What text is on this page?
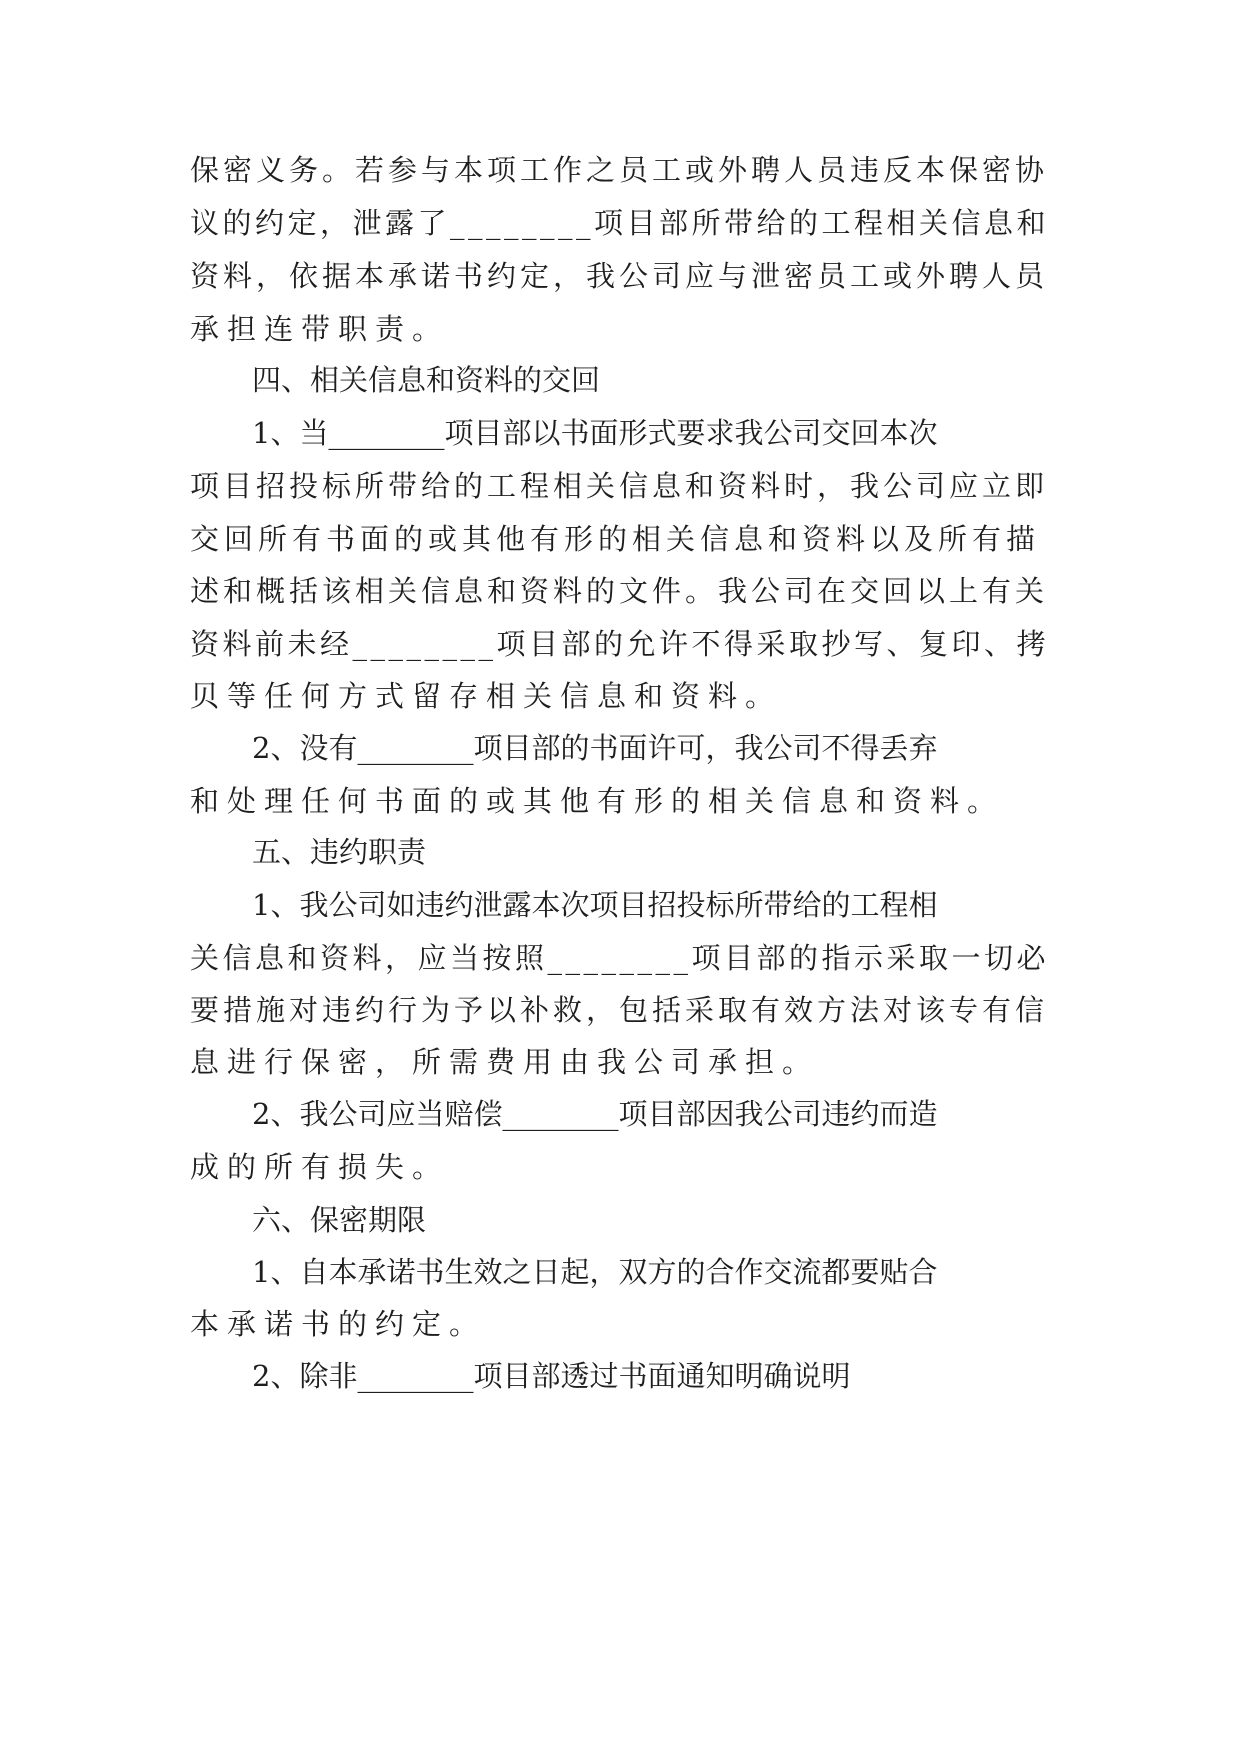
保密义务。若参与本项工作之员工或外聘人员违反本保密协

议的约定，泄露了________项目部所带给的工程相关信息和

资料，依据本承诺书约定，我公司应与泄密员工或外聘人员

承担连带职责。

四、相关信息和资料的交回

1、当________项目部以书面形式要求我公司交回本次

项目招投标所带给的工程相关信息和资料时，我公司应立即

交回所有书面的或其他有形的相关信息和资料以及所有描

述和概括该相关信息和资料的文件。我公司在交回以上有关

资料前未经________项目部的允许不得采取抄写、复印、拷

贝等任何方式留存相关信息和资料。

2、没有________项目部的书面许可，我公司不得丢弃

和处理任何书面的或其他有形的相关信息和资料。

五、违约职责

1、我公司如违约泄露本次项目招投标所带给的工程相

关信息和资料，应当按照________项目部的指示采取一切必

要措施对违约行为予以补救，包括采取有效方法对该专有信

息进行保密，所需费用由我公司承担。

2、我公司应当赔偿________项目部因我公司违约而造

成的所有损失。

六、保密期限

1、自本承诺书生效之日起，双方的合作交流都要贴合

本承诺书的约定。

2、除非________项目部透过书面通知明确说明
